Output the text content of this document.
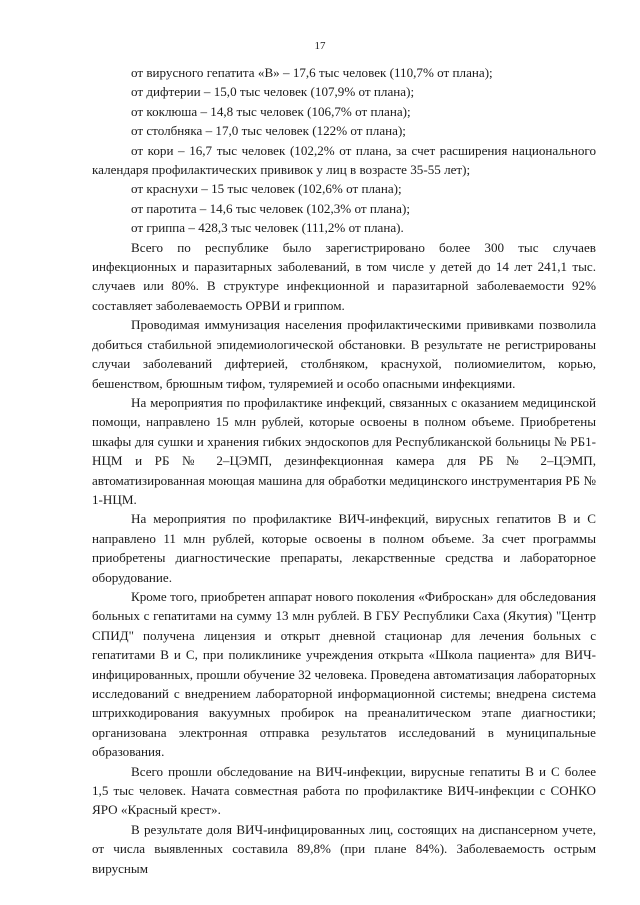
17

от вирусного гепатита «В» – 17,6 тыс человек (110,7% от плана);

от дифтерии – 15,0 тыс человек (107,9% от плана);

от коклюша – 14,8 тыс человек (106,7% от плана);

от столбняка – 17,0 тыс человек (122% от плана);

от кори – 16,7 тыс человек (102,2% от плана, за счет расширения национального календаря профилактических прививок у лиц в возрасте 35-55 лет);

от краснухи – 15 тыс человек (102,6% от плана);

от паротита – 14,6 тыс человек (102,3% от плана);

от гриппа – 428,3 тыс человек (111,2% от плана).

Всего по республике было зарегистрировано более 300 тыс случаев инфекционных и паразитарных заболеваний, в том числе у детей до 14 лет 241,1 тыс. случаев или 80%. В структуре инфекционной и паразитарной заболеваемости 92% составляет заболеваемость ОРВИ и гриппом.

Проводимая иммунизация населения профилактическими прививками позволила добиться стабильной эпидемиологической обстановки. В результате не регистрированы случаи заболеваний дифтерией, столбняком, краснухой, полиомиелитом, корью, бешенством, брюшным тифом, туляремией и особо опасными инфекциями.

На мероприятия по профилактике инфекций, связанных с оказанием медицинской помощи, направлено 15 млн рублей, которые освоены в полном объеме. Приобретены шкафы для сушки и хранения гибких эндоскопов для Республиканской больницы № РБ1-НЦМ и РБ № 2–ЦЭМП, дезинфекционная камера для РБ № 2–ЦЭМП, автоматизированная моющая машина для обработки медицинского инструментария РБ № 1-НЦМ.

На мероприятия по профилактике ВИЧ-инфекций, вирусных гепатитов В и С направлено 11 млн рублей, которые освоены в полном объеме. За счет программы приобретены диагностические препараты, лекарственные средства и лабораторное оборудование.

Кроме того, приобретен аппарат нового поколения «Фиброскан» для обследования больных с гепатитами на сумму 13 млн рублей. В ГБУ Республики Саха (Якутия) "Центр СПИД" получена лицензия и открыт дневной стационар для лечения больных с гепатитами В и С, при поликлинике учреждения открыта «Школа пациента» для ВИЧ-инфицированных, прошли обучение 32 человека. Проведена автоматизация лабораторных исследований с внедрением лабораторной информационной системы; внедрена система штрихкодирования вакуумных пробирок на преаналитическом этапе диагностики; организована электронная отправка результатов исследований в муниципальные образования.

Всего прошли обследование на ВИЧ-инфекции, вирусные гепатиты В и С более 1,5 тыс человек. Начата совместная работа по профилактике ВИЧ-инфекции с СОНКО ЯРО «Красный крест».

В результате доля ВИЧ-инфицированных лиц, состоящих на диспансерном учете, от числа выявленных составила 89,8% (при плане 84%). Заболеваемость острым вирусным
